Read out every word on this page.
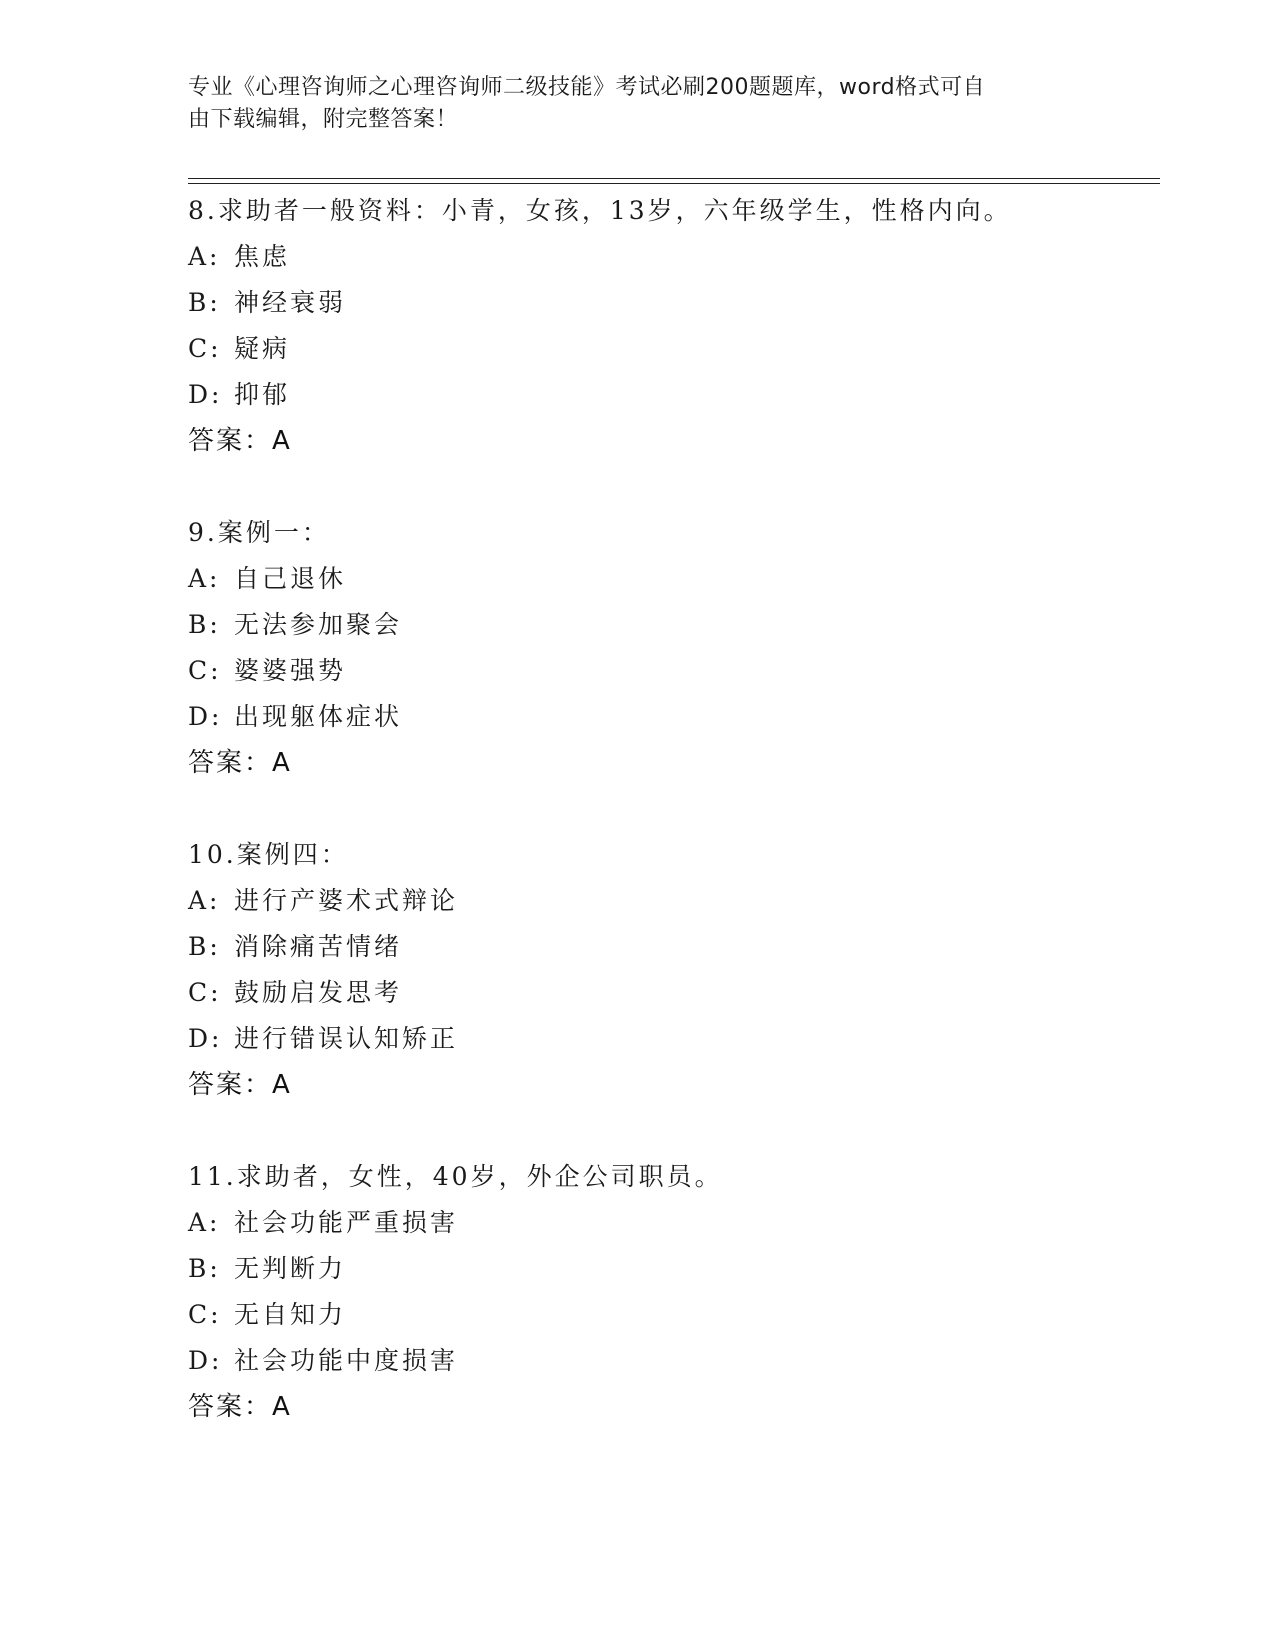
专业《心理咨询师之心理咨询师二级技能》考试必刷200题题库，word格式可自
由下载编辑，附完整答案！
8.求助者一般资料：小青，女孩，13岁，六年级学生，性格内向。
A: 焦虑
B: 神经衰弱
C: 疑病
D: 抑郁
答案：A
9.案例一：
A: 自己退休
B: 无法参加聚会
C: 婆婆强势
D: 出现躯体症状
答案：A
10.案例四：
A: 进行产婆术式辩论
B: 消除痛苦情绪
C: 鼓励启发思考
D: 进行错误认知矫正
答案：A
11.求助者，女性，40岁，外企公司职员。
A: 社会功能严重损害
B: 无判断力
C: 无自知力
D: 社会功能中度损害
答案：A
